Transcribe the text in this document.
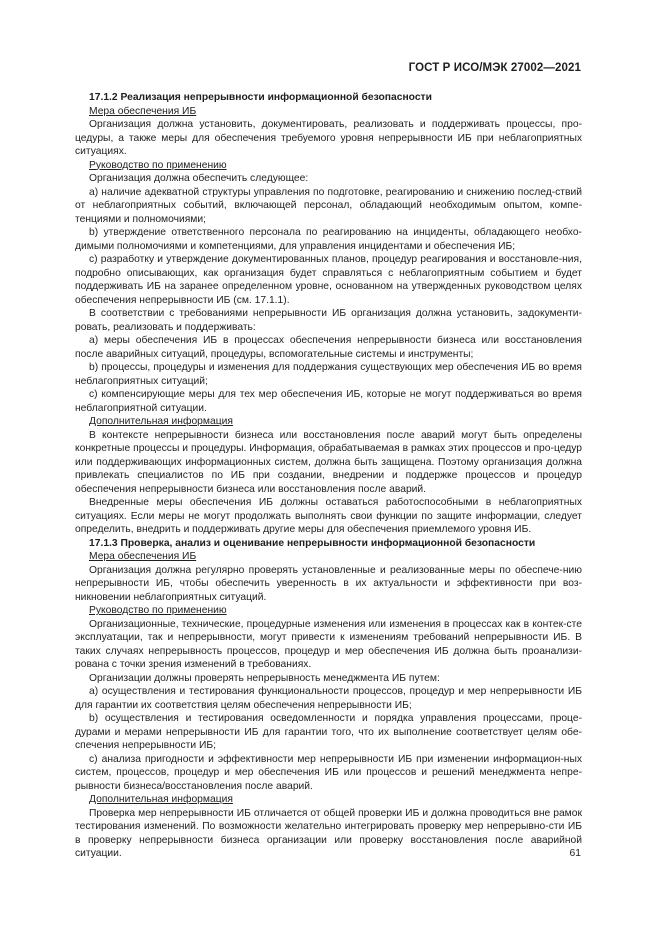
ГОСТ Р ИСО/МЭК 27002—2021

17.1.2 Реализация непрерывности информационной безопасности

Мера обеспечения ИБ

Организация должна установить, документировать, реализовать и поддерживать процессы, про-цедуры, а также меры для обеспечения требуемого уровня непрерывности ИБ при неблагоприятных ситуациях.

Руководство по применению

Организация должна обеспечить следующее:

а) наличие адекватной структуры управления по подготовке, реагированию и снижению послед-ствий от неблагоприятных событий, включающей персонал, обладающий необходимым опытом, компе-тенциями и полномочиями;

b) утверждение ответственного персонала по реагированию на инциденты, обладающего необхо-димыми полномочиями и компетенциями, для управления инцидентами и обеспечения ИБ;

c) разработку и утверждение документированных планов, процедур реагирования и восстановле-ния, подробно описывающих, как организация будет справляться с неблагоприятным событием и будет поддерживать ИБ на заранее определенном уровне, основанном на утвержденных руководством целях обеспечения непрерывности ИБ (см. 17.1.1).

В соответствии с требованиями непрерывности ИБ организация должна установить, задокументи-ровать, реализовать и поддерживать:

а) меры обеспечения ИБ в процессах обеспечения непрерывности бизнеса или восстановления после аварийных ситуаций, процедуры, вспомогательные системы и инструменты;

b) процессы, процедуры и изменения для поддержания существующих мер обеспечения ИБ во время неблагоприятных ситуаций;

c) компенсирующие меры для тех мер обеспечения ИБ, которые не могут поддерживаться во время неблагоприятной ситуации.

Дополнительная информация

В контексте непрерывности бизнеса или восстановления после аварий могут быть определены конкретные процессы и процедуры. Информация, обрабатываемая в рамках этих процессов и про-цедур или поддерживающих информационных систем, должна быть защищена. Поэтому организация должна привлекать специалистов по ИБ при создании, внедрении и поддержке процессов и процедур обеспечения непрерывности бизнеса или восстановления после аварий.

Внедренные меры обеспечения ИБ должны оставаться работоспособными в неблагоприятных ситуациях. Если меры не могут продолжать выполнять свои функции по защите информации, следует определить, внедрить и поддерживать другие меры для обеспечения приемлемого уровня ИБ.

17.1.3 Проверка, анализ и оценивание непрерывности информационной безопасности

Мера обеспечения ИБ

Организация должна регулярно проверять установленные и реализованные меры по обеспече-нию непрерывности ИБ, чтобы обеспечить уверенность в их актуальности и эффективности при воз-никновении неблагоприятных ситуаций.

Руководство по применению

Организационные, технические, процедурные изменения или изменения в процессах как в контек-сте эксплуатации, так и непрерывности, могут привести к изменениям требований непрерывности ИБ. В таких случаях непрерывность процессов, процедур и мер обеспечения ИБ должна быть проанализи-рована с точки зрения изменений в требованиях.

Организации должны проверять непрерывность менеджмента ИБ путем:

а) осуществления и тестирования функциональности процессов, процедур и мер непрерывности ИБ для гарантии их соответствия целям обеспечения непрерывности ИБ;

b) осуществления и тестирования осведомленности и порядка управления процессами, проце-дурами и мерами непрерывности ИБ для гарантии того, что их выполнение соответствует целям обе-спечения непрерывности ИБ;

c) анализа пригодности и эффективности мер непрерывности ИБ при изменении информацион-ных систем, процессов, процедур и мер обеспечения ИБ или процессов и решений менеджмента непре-рывности бизнеса/восстановления после аварий.

Дополнительная информация

Проверка мер непрерывности ИБ отличается от общей проверки ИБ и должна проводиться вне рамок тестирования изменений. По возможности желательно интегрировать проверку мер непрерывно-сти ИБ в проверку непрерывности бизнеса организации или проверку восстановления после аварийной ситуации.	61
